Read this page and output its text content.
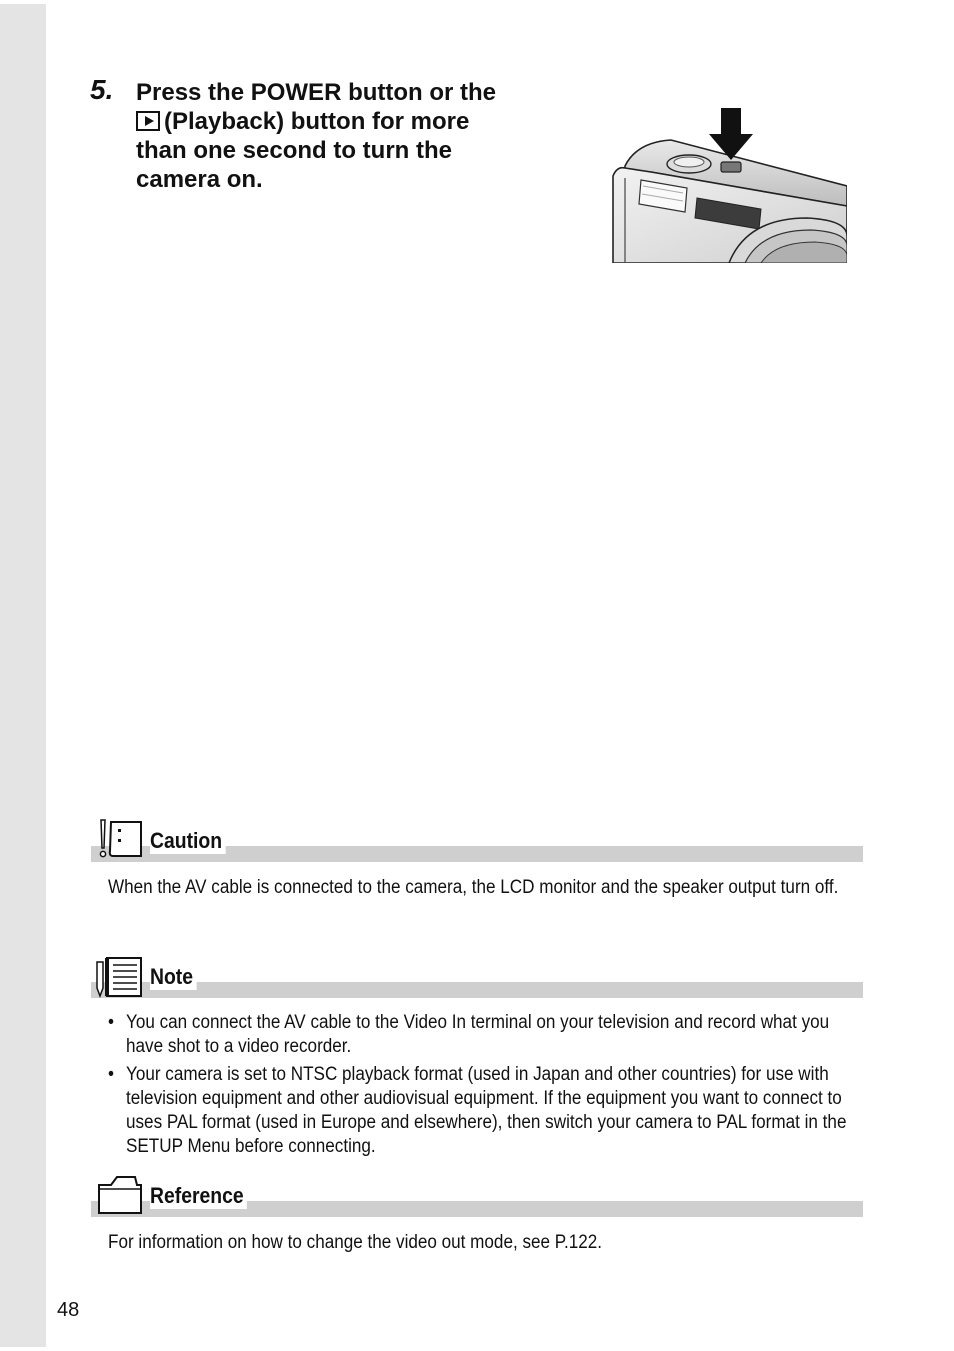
5. Press the POWER button or the
(Playback) button for more
than one second to turn the
camera on.
Caution
When the AV cable is connected to the camera, the LCD monitor and the speaker output turn off.
Note
• You can connect the AV cable to the Video In terminal on your television and record what you have shot to a video recorder.
• Your camera is set to NTSC playback format (used in Japan and other countries) for use with television equipment and other audiovisual equipment. If the equipment you want to connect to uses PAL format (used in Europe and elsewhere), then switch your camera to PAL format in the SETUP Menu before connecting.
Reference
For information on how to change the video out mode, see P.122.
48
